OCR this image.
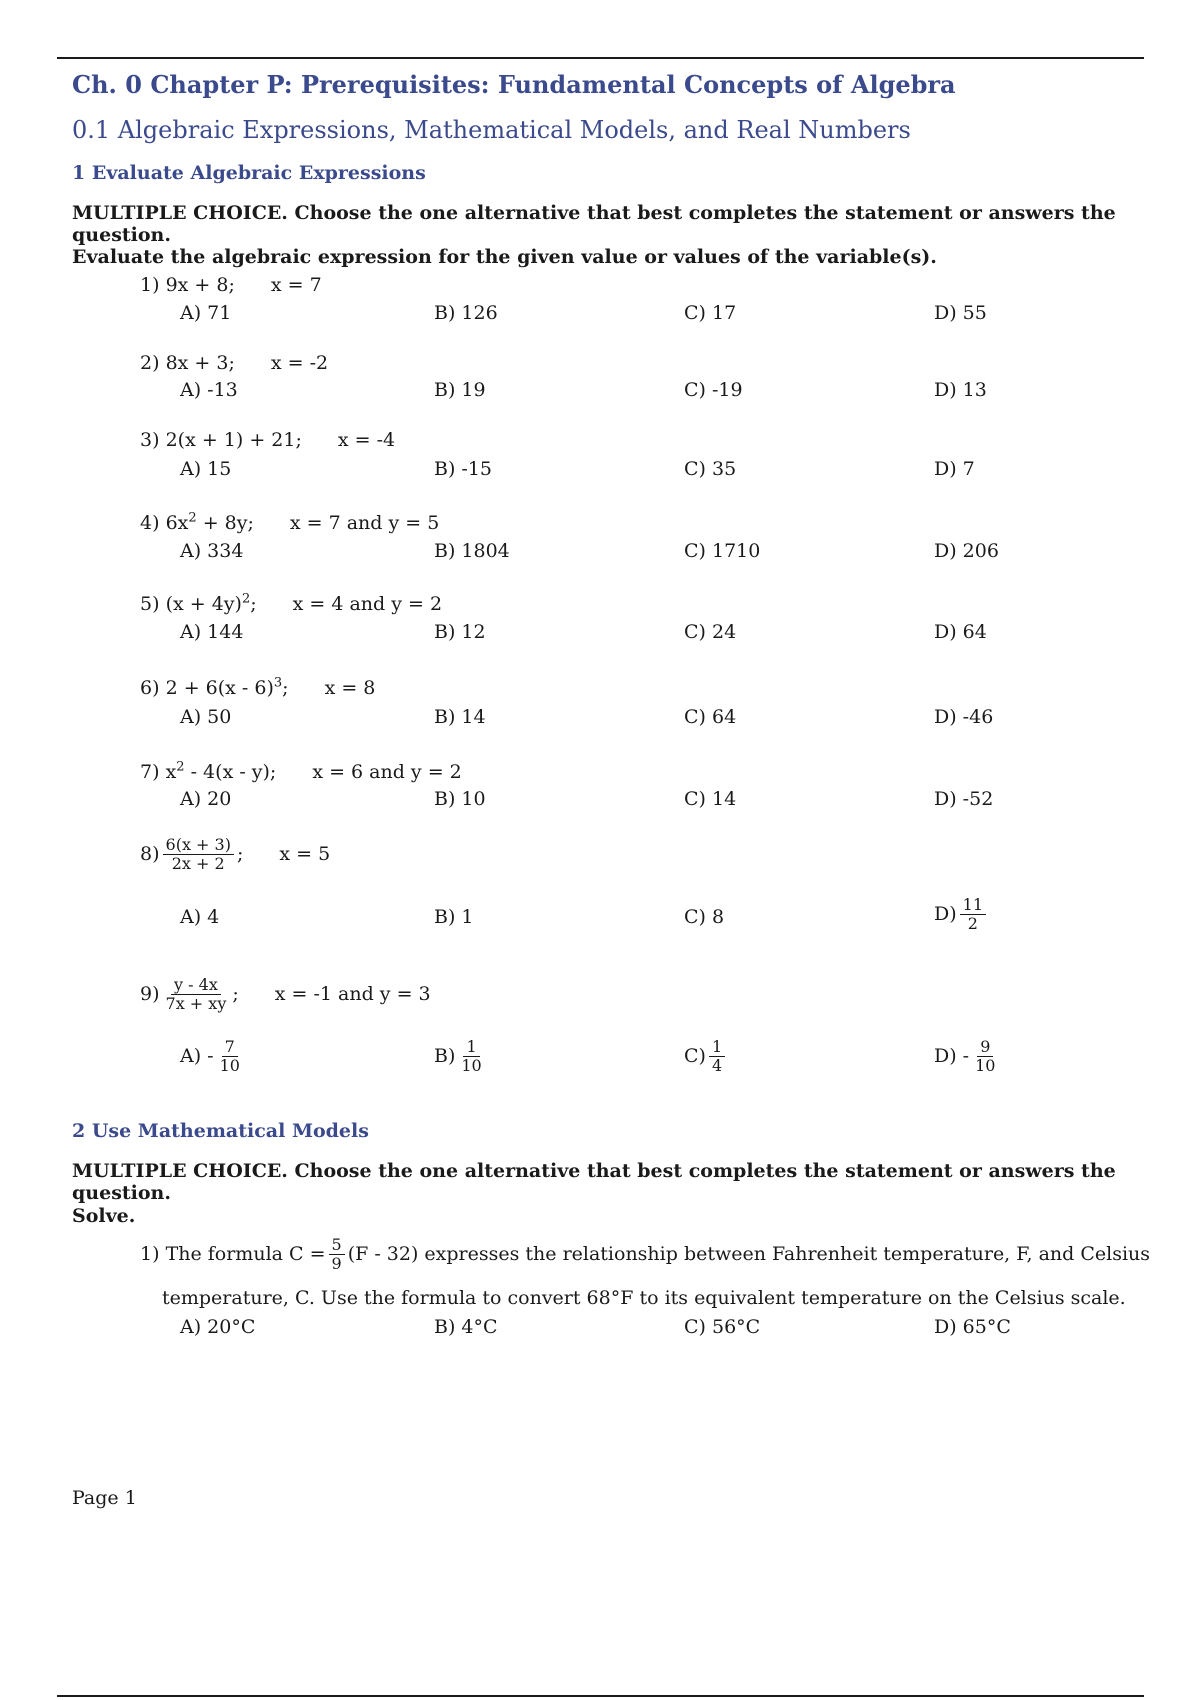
Ch. 0 Chapter P: Prerequisites: Fundamental Concepts of Algebra
0.1 Algebraic Expressions, Mathematical Models, and Real Numbers
1 Evaluate Algebraic Expressions
MULTIPLE CHOICE. Choose the one alternative that best completes the statement or answers the question.
Evaluate the algebraic expression for the given value or values of the variable(s).
1)
9x + 8; x = 7
A) 71	B) 126	C) 17	D) 55
2)
8x + 3; x = -2
A) -13	B) 19	C) -19	D) 13
3)
2(x + 1) + 21; x = -4
A) 15	B) -15	C) 35	D) 7
4)
$6x^2 + 8y$; x = 7 and y = 5
A) 334	B) 1804	C) 1710	D) 206
5)
$(x + 4y)^2$; x = 4 and y = 2
A) 144	B) 12	C) 24	D) 64
6)
2 + 6(x - 6)$^3$; x = 8
A) 50	B) 14	C) 64	D) -46
7)
$x^2 - 4(x - y)$; x = 6 and y = 2
A) 20	B) 10	C) 14	D) -52
$8) \frac{6(x + 3)}{2x + 2}$ ; x = 5
A) 4	B) 1	C) 8	$D) \frac{11}{2}$
$9) \frac{y - 4x}{7x + xy}$ ; x = -1 and y = 3
$A) - \frac{7}{10}$	$B) \frac{1}{10}$	$C) \frac{1}{4}$	$D) - \frac{9}{10}$
2 Use Mathematical Models
MULTIPLE CHOICE. Choose the one alternative that best completes the statement or answers the question.
Solve.
1)
The formula $C = \frac{5}{9} (F - 32)$ expresses the relationship between Fahrenheit temperature, F, and Celsius
temperature, C. Use the formula to convert 68°F to its equivalent temperature on the Celsius scale.
A) 20°C	B) 4°C	C) 56°C	D) 65°C
Page 1
